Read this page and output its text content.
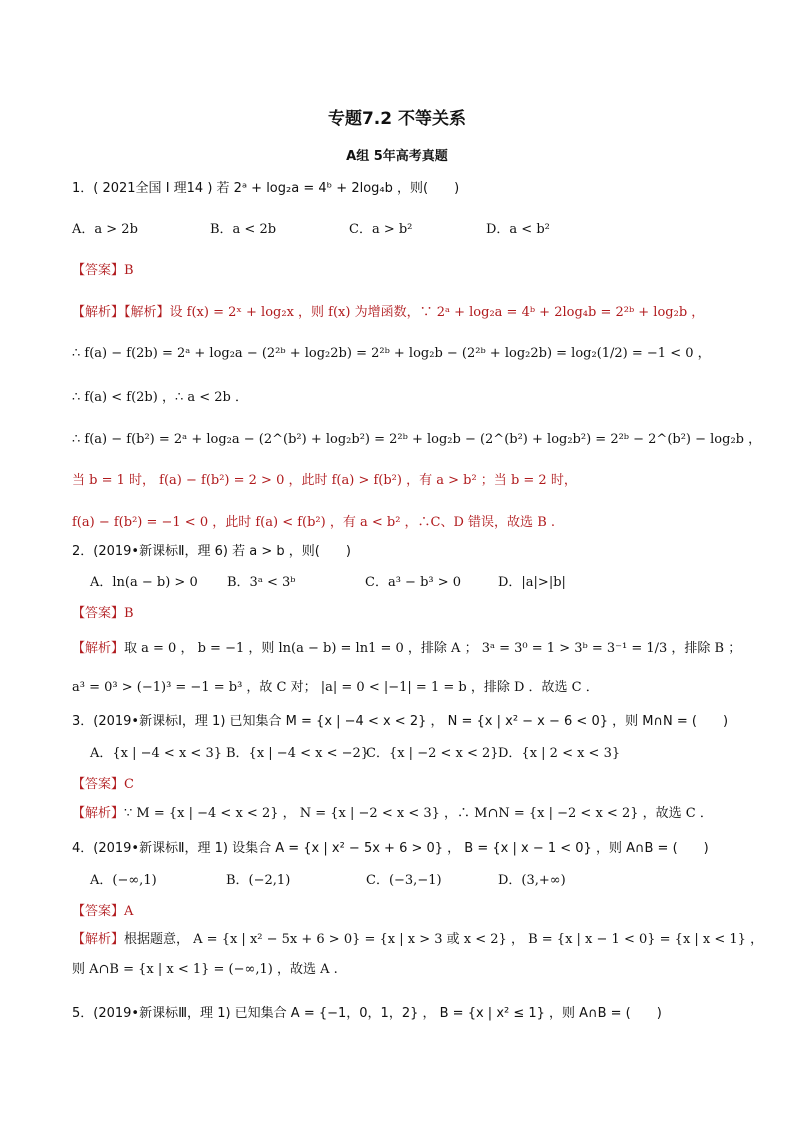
专题7.2 不等关系
A组 5年高考真题
1．( 2021全国 I 理14 ) 若 2ᵃ + log₂a = 4ᵇ + 2log₄b ，则(　　)
A．a > 2b	B．a < 2b	C．a > b²	D．a < b²
【答案】B
【解析】【解析】设 f(x) = 2ˣ + log₂x ，则 f(x) 为增函数，∵ 2ᵃ + log₂a = 4ᵇ + 2log₄b = 2²ᵇ + log₂b ，
∴ f(a) − f(2b) = 2ᵃ + log₂a − (2²ᵇ + log₂2b) = 2²ᵇ + log₂b − (2²ᵇ + log₂2b) = log₂(1/2) = −1 < 0 ，
∴ f(a) < f(2b) ，∴ a < 2b ．
∴ f(a) − f(b²) = 2ᵃ + log₂a − (2^(b²) + log₂b²) = 2²ᵇ + log₂b − (2^(b²) + log₂b²) = 2²ᵇ − 2^(b²) − log₂b ，
当 b = 1 时， f(a) − f(b²) = 2 > 0 ，此时 f(a) > f(b²) ，有 a > b² ；当 b = 2 时，
f(a) − f(b²) = −1 < 0 ，此时 f(a) < f(b²) ，有 a < b² ，∴C、D 错误，故选 B .
2．(2019•新课标Ⅱ，理 6) 若 a > b ，则(　　)
A．ln(a − b) > 0 B．3ᵃ < 3ᵇ	C．a³ − b³ > 0	D．|a|>|b|
【答案】B
【解析】取 a = 0 ， b = −1 ，则 ln(a − b) = ln1 = 0 ，排除 A ； 3ᵃ = 3⁰ = 1 > 3ᵇ = 3⁻¹ = 1/3 ，排除 B ；
a³ = 0³ > (−1)³ = −1 = b³ ，故 C 对； |a| = 0 < |−1| = 1 = b ，排除 D ．故选 C ．
3．(2019•新课标Ⅰ，理 1) 已知集合 M = {x | −4 < x < 2} ， N = {x | x² − x − 6 < 0} ，则 M∩N = (　　)
A．{x | −4 < x < 3} B．{x | −4 < x < −2}
C．{x | −2 < x < 2} D．{x | 2 < x < 3}
【答案】C
【解析】∵ M = {x | −4 < x < 2} ， N = {x | −2 < x < 3} ，∴ M∩N = {x | −2 < x < 2} ，故选 C ．
4．(2019•新课标Ⅱ，理 1) 设集合 A = {x | x² − 5x + 6 > 0} ， B = {x | x − 1 < 0} ，则 A∩B = (　　)
A．(−∞,1)	B．(−2,1)	C．(−3,−1)	D．(3,+∞)
【答案】A
【解析】根据题意， A = {x | x² − 5x + 6 > 0} = {x | x > 3 或 x < 2} ， B = {x | x − 1 < 0} = {x | x < 1} ，
则 A∩B = {x | x < 1} = (−∞,1) ，故选 A .
5．(2019•新课标Ⅲ，理 1) 已知集合 A = {−1，0，1，2} ， B = {x | x² ≤ 1} ，则 A∩B = (　　)
